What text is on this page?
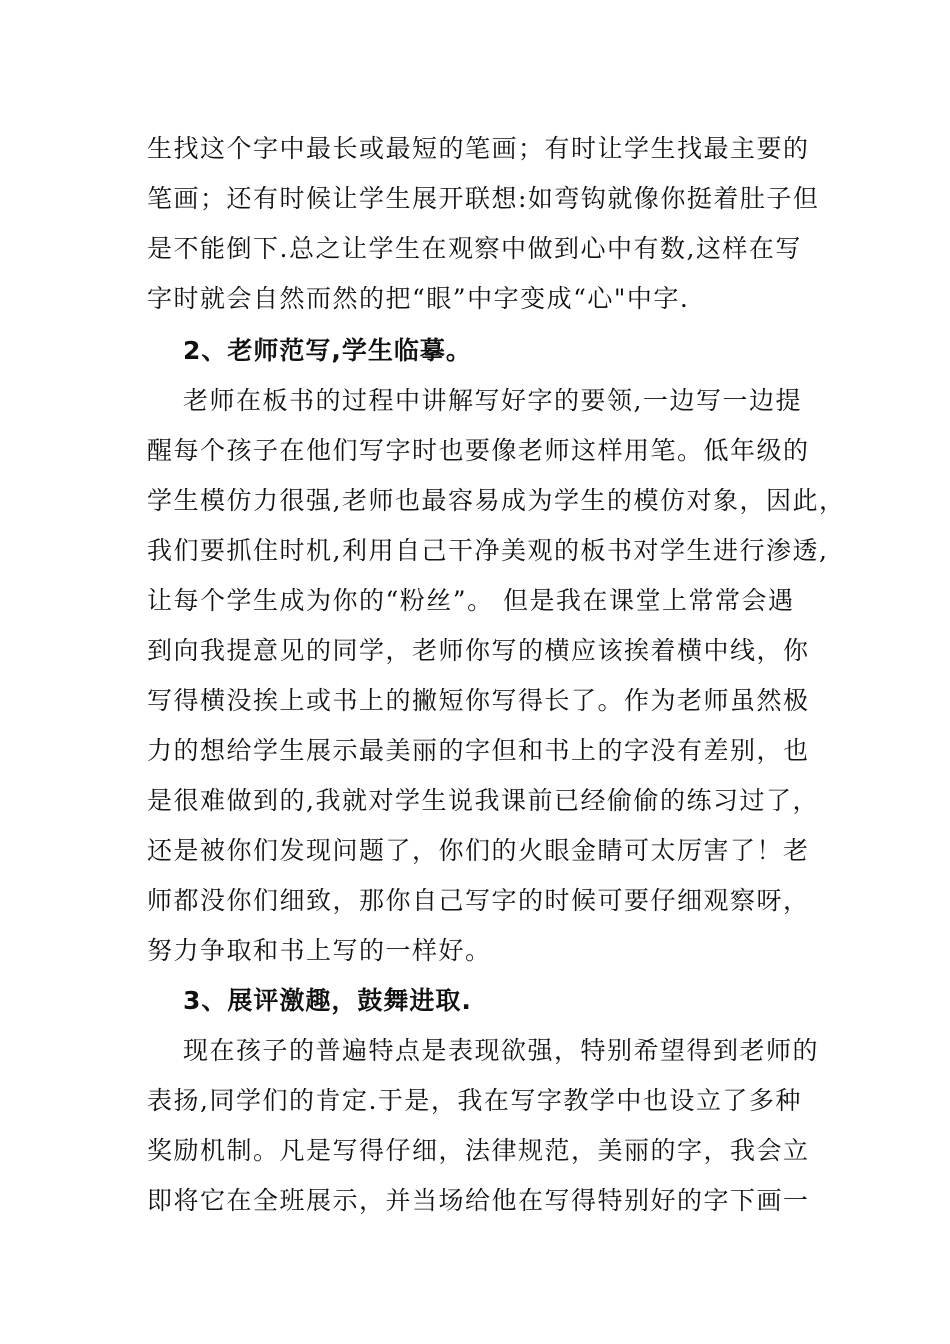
生找这个字中最长或最短的笔画；有时让学生找最主要的
笔画；还有时候让学生展开联想:如弯钩就像你挺着肚子但
是不能倒下.总之让学生在观察中做到心中有数,这样在写
字时就会自然而然的把“眼”中字变成“心"中字.
2、老师范写,学生临摹。
老师在板书的过程中讲解写好字的要领,一边写一边提
醒每个孩子在他们写字时也要像老师这样用笔。低年级的
学生模仿力很强,老师也最容易成为学生的模仿对象，因此，
我们要抓住时机,利用自己干净美观的板书对学生进行渗透,
让每个学生成为你的“粉丝”。 但是我在课堂上常常会遇
到向我提意见的同学，老师你写的横应该挨着横中线，你
写得横没挨上或书上的撇短你写得长了。作为老师虽然极
力的想给学生展示最美丽的字但和书上的字没有差别，也
是很难做到的,我就对学生说我课前已经偷偷的练习过了，
还是被你们发现问题了，你们的火眼金睛可太厉害了！老
师都没你们细致，那你自己写字的时候可要仔细观察呀，
努力争取和书上写的一样好。
3、展评激趣，鼓舞进取.
现在孩子的普遍特点是表现欲强，特别希望得到老师的
表扬,同学们的肯定.于是，我在写字教学中也设立了多种
奖励机制。凡是写得仔细，法律规范，美丽的字，我会立
即将它在全班展示，并当场给他在写得特别好的字下画一
